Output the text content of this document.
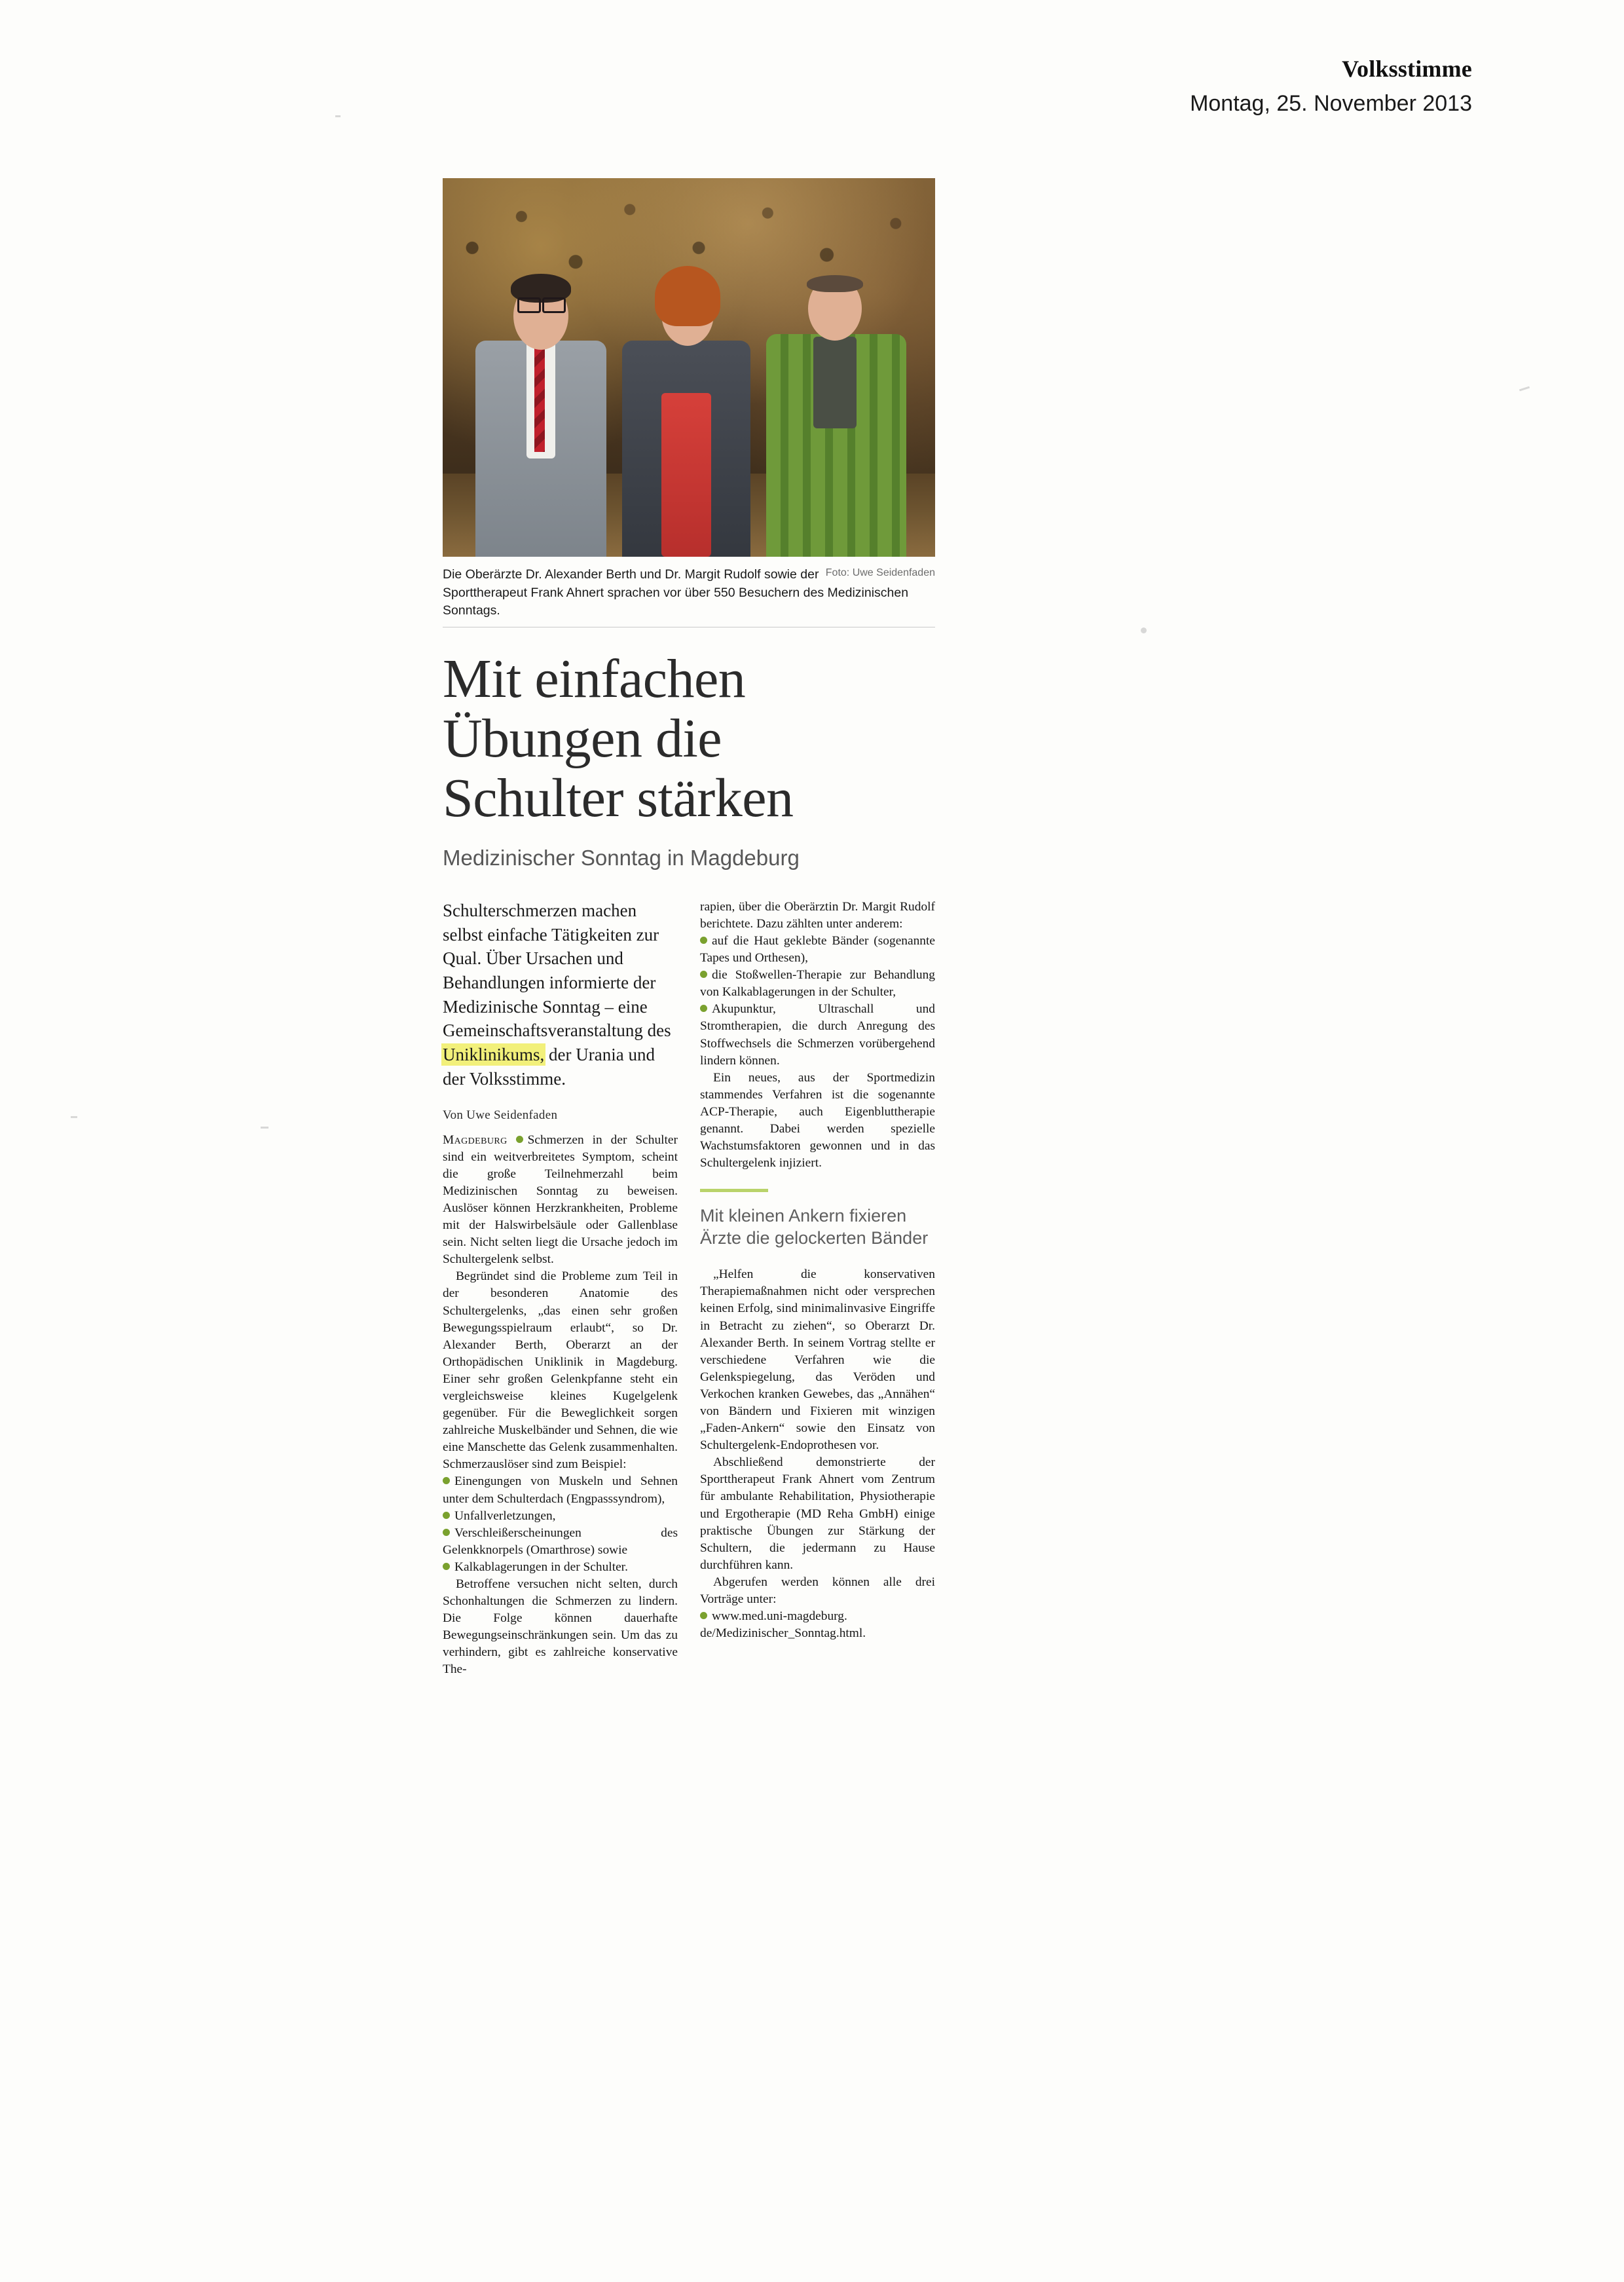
Volksstimme
Montag, 25. November 2013
Foto: Uwe Seidenfaden
Die Oberärzte Dr. Alexander Berth und Dr. Margit Rudolf sowie der Sporttherapeut Frank Ahnert sprachen vor über 550 Besuchern des Medizinischen Sonntags.
Mit einfachen
Übungen die
Schulter stärken
Medizinischer Sonntag in Magdeburg
Schulterschmerzen machen selbst einfache Tätigkeiten zur Qual. Über Ursachen und Behandlungen informierte der Medizinische Sonntag – eine Gemeinschaftsveranstaltung des Uniklinikums, der Urania und der Volksstimme.
Von Uwe Seidenfaden

Magdeburg Schmerzen in der Schulter sind ein weitverbreitetes Symptom, scheint die große Teilnehmerzahl beim Medizinischen Sonntag zu beweisen. Auslöser können Herzkrankheiten, Probleme mit der Halswirbelsäule oder Gallenblase sein. Nicht selten liegt die Ursache jedoch im Schultergelenk selbst.

Begründet sind die Probleme zum Teil in der besonderen Anatomie des Schultergelenks, „das einen sehr großen Bewegungsspielraum erlaubt“, so Dr. Alexander Berth, Oberarzt an der Orthopädischen Uniklinik in Magdeburg. Einer sehr großen Gelenkpfanne steht ein vergleichsweise kleines Kugelgelenk gegenüber. Für die Beweglichkeit sorgen zahlreiche Muskelbänder und Sehnen, die wie eine Manschette das Gelenk zusammenhalten. Schmerzauslöser sind zum Beispiel:

Einengungen von Muskeln und Sehnen unter dem Schulterdach (Engpasssyndrom),

Unfallverletzungen,

Verschleißerscheinungen des Gelenkknorpels (Omarthrose) sowie

Kalkablagerungen in der Schulter.

Betroffene versuchen nicht selten, durch Schonhaltungen die Schmerzen zu lindern. Die Folge können dauerhafte Bewegungseinschränkungen sein. Um das zu verhindern, gibt es zahlreiche konservative The-

rapien, über die Oberärztin Dr. Margit Rudolf berichtete. Dazu zählten unter anderem:

auf die Haut geklebte Bänder (sogenannte Tapes und Orthesen),

die Stoßwellen-Therapie zur Behandlung von Kalkablagerungen in der Schulter,

Akupunktur, Ultraschall und Stromtherapien, die durch Anregung des Stoffwechsels die Schmerzen vorübergehend lindern können.

Ein neues, aus der Sportmedizin stammendes Verfahren ist die sogenannte ACP-Therapie, auch Eigenbluttherapie genannt. Dabei werden spezielle Wachstumsfaktoren gewonnen und in das Schultergelenk injiziert.

Mit kleinen Ankern fixieren Ärzte die gelockerten Bänder

„Helfen die konservativen Therapiemaßnahmen nicht oder versprechen keinen Erfolg, sind minimalinvasive Eingriffe in Betracht zu ziehen“, so Oberarzt Dr. Alexander Berth. In seinem Vortrag stellte er verschiedene Verfahren wie die Gelenkspiegelung, das Veröden und Verkochen kranken Gewebes, das „Annähen“ von Bändern und Fixieren mit winzigen „Faden-Ankern“ sowie den Einsatz von Schultergelenk-Endoprothesen vor.

Abschließend demonstrierte der Sporttherapeut Frank Ahnert vom Zentrum für ambulante Rehabilitation, Physiotherapie und Ergotherapie (MD Reha GmbH) einige praktische Übungen zur Stärkung der Schultern, die jedermann zu Hause durchführen kann.

Abgerufen werden können alle drei Vorträge unter:

www.med.uni-magdeburg.

de/Medizinischer_Sonntag.html.
